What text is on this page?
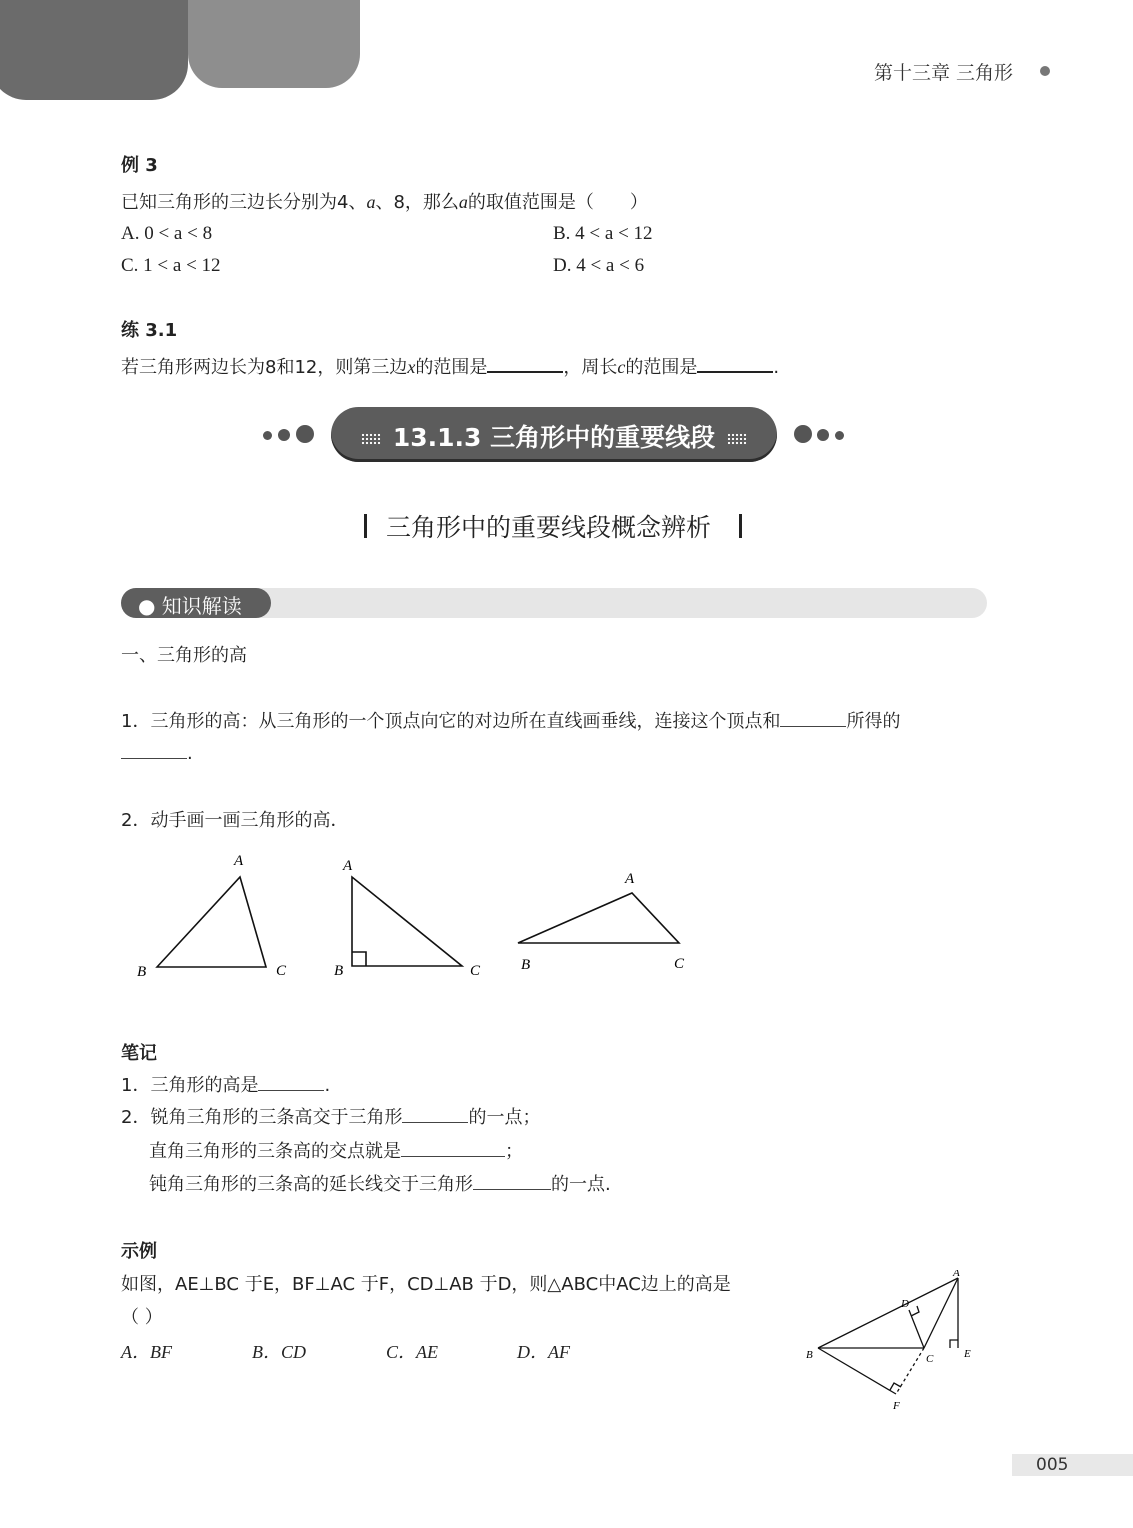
第十三章 三角形
例 3
已知三角形的三边长分别为4、a、8，那么a的取值范围是（　　）
A. 0 < a < 8	B. 4 < a < 12
C. 1 < a < 12	D. 4 < a < 6
练 3.1
若三角形两边长为8和12，则第三边x的范围是	，周长c的范围是	.
13.1.3 三角形中的重要线段
三角形中的重要线段概念辨析
● 知识解读
一、三角形的高
1．三角形的高：从三角形的一个顶点向它的对边所在直线画垂线，连接这个顶点和	所得的
.
2．动手画一画三角形的高．
A
B	C
A
B	C
A
B	C
笔记
1．三角形的高是	.
2．锐角三角形的三条高交于三角形	的一点；
直角三角形的三条高的交点就是	；
钝角三角形的三条高的延长线交于三角形	的一点.
示例
如图，AE⊥BC 于E，BF⊥AC 于F，CD⊥AB 于D，则△ABC中AC边上的高是
（ ）
A．BF	B．CD	C．AE	D．AF
A
B	C
D
E
F
005
